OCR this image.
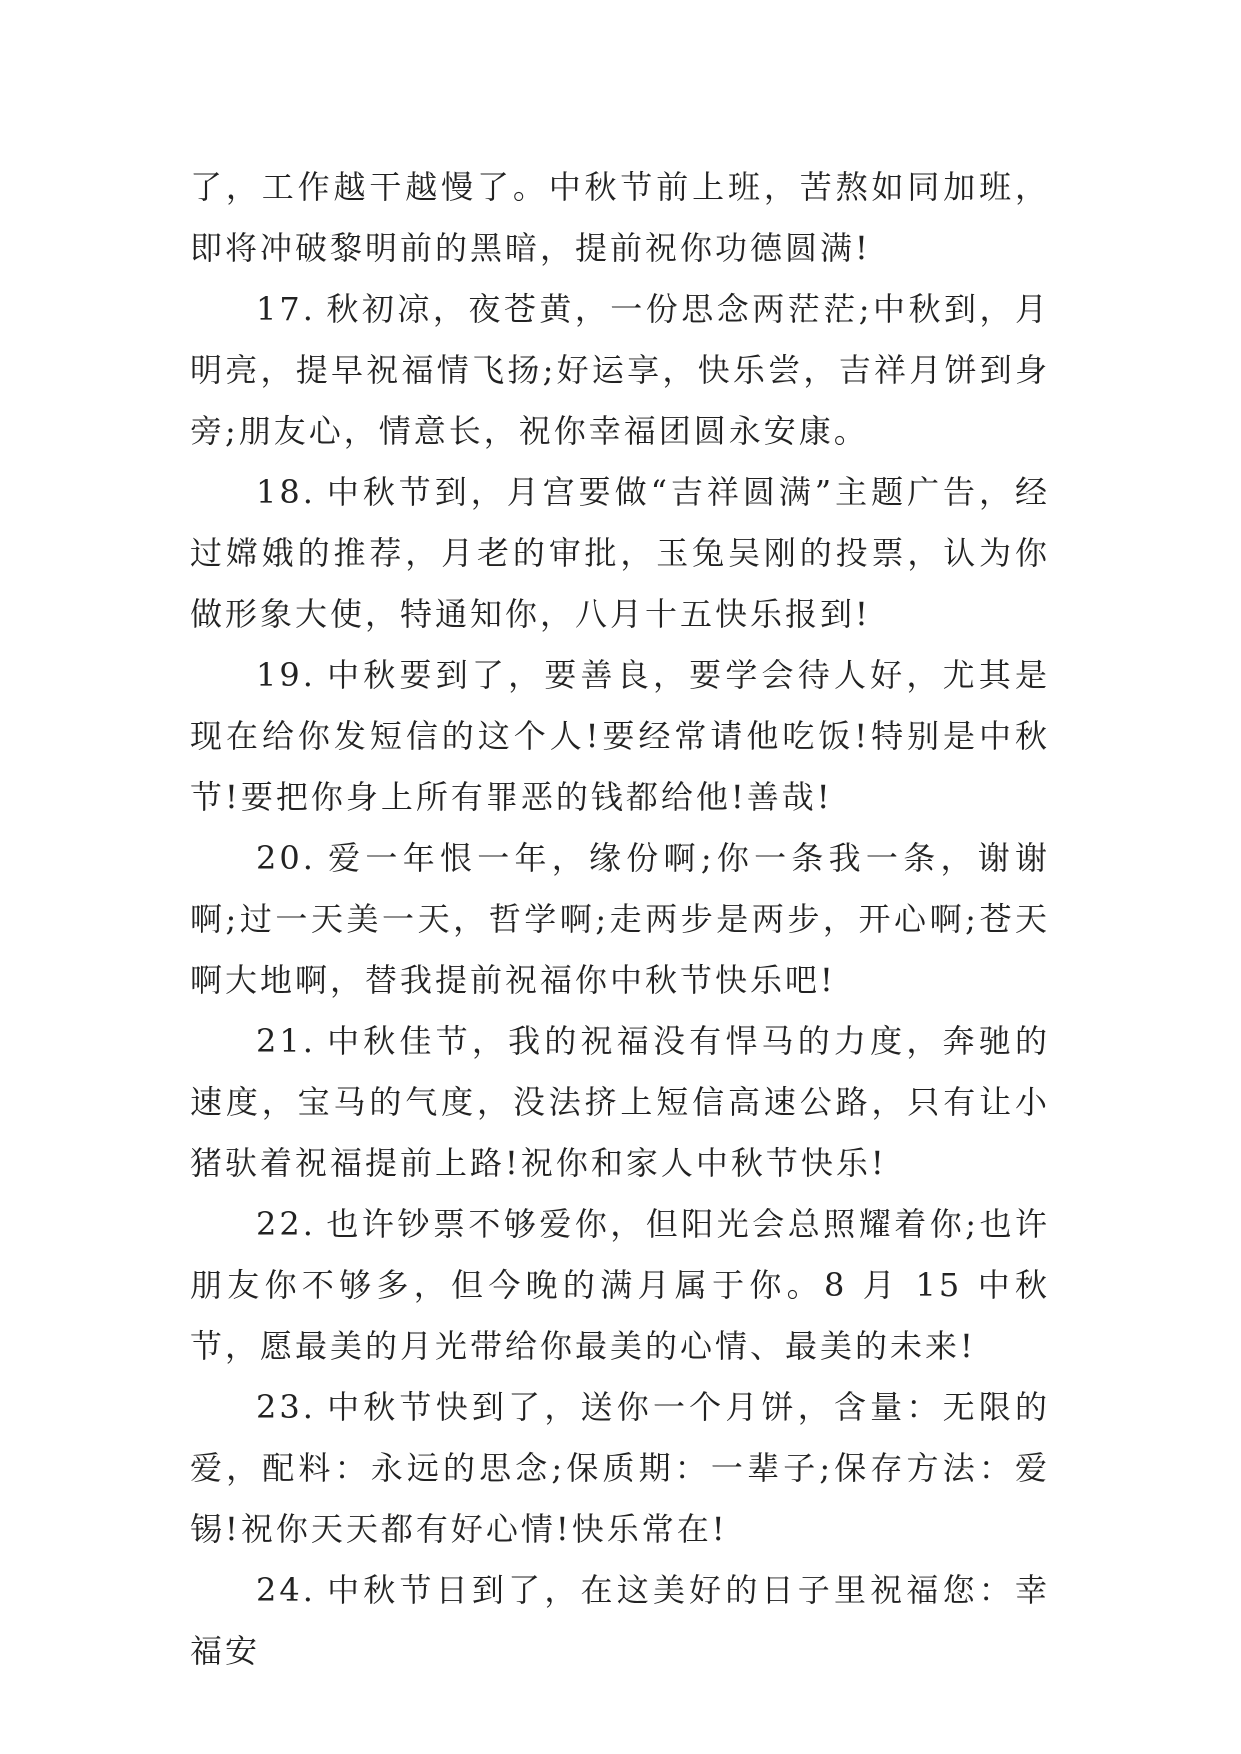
了，工作越干越慢了。中秋节前上班，苦熬如同加班，即将冲破黎明前的黑暗，提前祝你功德圆满!

17. 秋初凉，夜苍黄，一份思念两茫茫;中秋到，月明亮，提早祝福情飞扬;好运享，快乐尝，吉祥月饼到身旁;朋友心，情意长，祝你幸福团圆永安康。

18. 中秋节到，月宫要做“吉祥圆满”主题广告，经过嫦娥的推荐，月老的审批，玉兔吴刚的投票，认为你做形象大使，特通知你，八月十五快乐报到!

19. 中秋要到了，要善良，要学会待人好，尤其是现在给你发短信的这个人!要经常请他吃饭!特别是中秋节!要把你身上所有罪恶的钱都给他!善哉!

20. 爱一年恨一年，缘份啊;你一条我一条，谢谢啊;过一天美一天，哲学啊;走两步是两步，开心啊;苍天啊大地啊，替我提前祝福你中秋节快乐吧!

21. 中秋佳节，我的祝福没有悍马的力度，奔驰的速度，宝马的气度，没法挤上短信高速公路，只有让小猪驮着祝福提前上路!祝你和家人中秋节快乐!

22. 也许钞票不够爱你，但阳光会总照耀着你;也许朋友你不够多，但今晚的满月属于你。8 月 15 中秋节，愿最美的月光带给你最美的心情、最美的未来!

23. 中秋节快到了，送你一个月饼，含量：无限的爱，配料：永远的思念;保质期：一辈子;保存方法：爱锡!祝你天天都有好心情!快乐常在!

24. 中秋节日到了，在这美好的日子里祝福您：幸福安
